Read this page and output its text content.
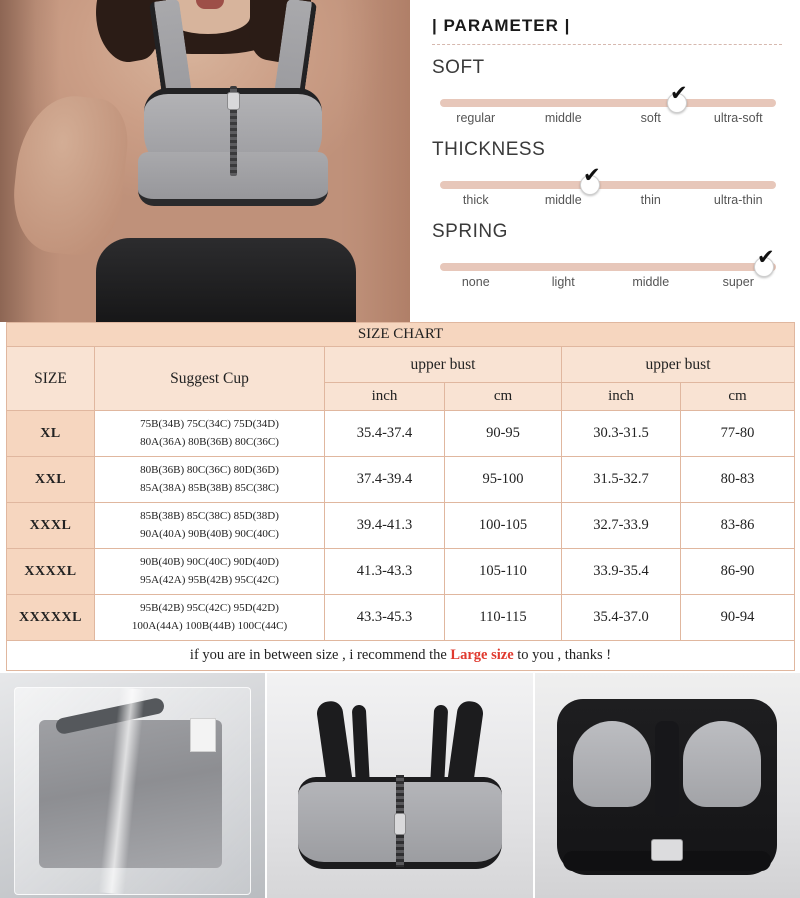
| PARAMETER |
SOFT
✔
regular	middle	soft	ultra-soft
THICKNESS
✔
thick	middle	thin	ultra-thin
SPRING
✔
none	light	middle	super
SIZE CHART					
SIZE	Suggest Cup	upper bust		upper bust	
		inch	cm	inch	cm
XL	75B(34B) 75C(34C) 75D(34D)
80A(36A) 80B(36B) 80C(36C)	35.4-37.4	90-95	30.3-31.5	77-80
XXL	80B(36B) 80C(36C) 80D(36D)
85A(38A) 85B(38B) 85C(38C)	37.4-39.4	95-100	31.5-32.7	80-83
XXXL	85B(38B) 85C(38C) 85D(38D)
90A(40A) 90B(40B) 90C(40C)	39.4-41.3	100-105	32.7-33.9	83-86
XXXXL	90B(40B) 90C(40C) 90D(40D)
95A(42A) 95B(42B) 95C(42C)	41.3-43.3	105-110	33.9-35.4	86-90
XXXXXL	95B(42B) 95C(42C) 95D(42D)
100A(44A) 100B(44B) 100C(44C)	43.3-45.3	110-115	35.4-37.0	90-94
if you are in between size , i recommend the Large size to you , thanks !					
